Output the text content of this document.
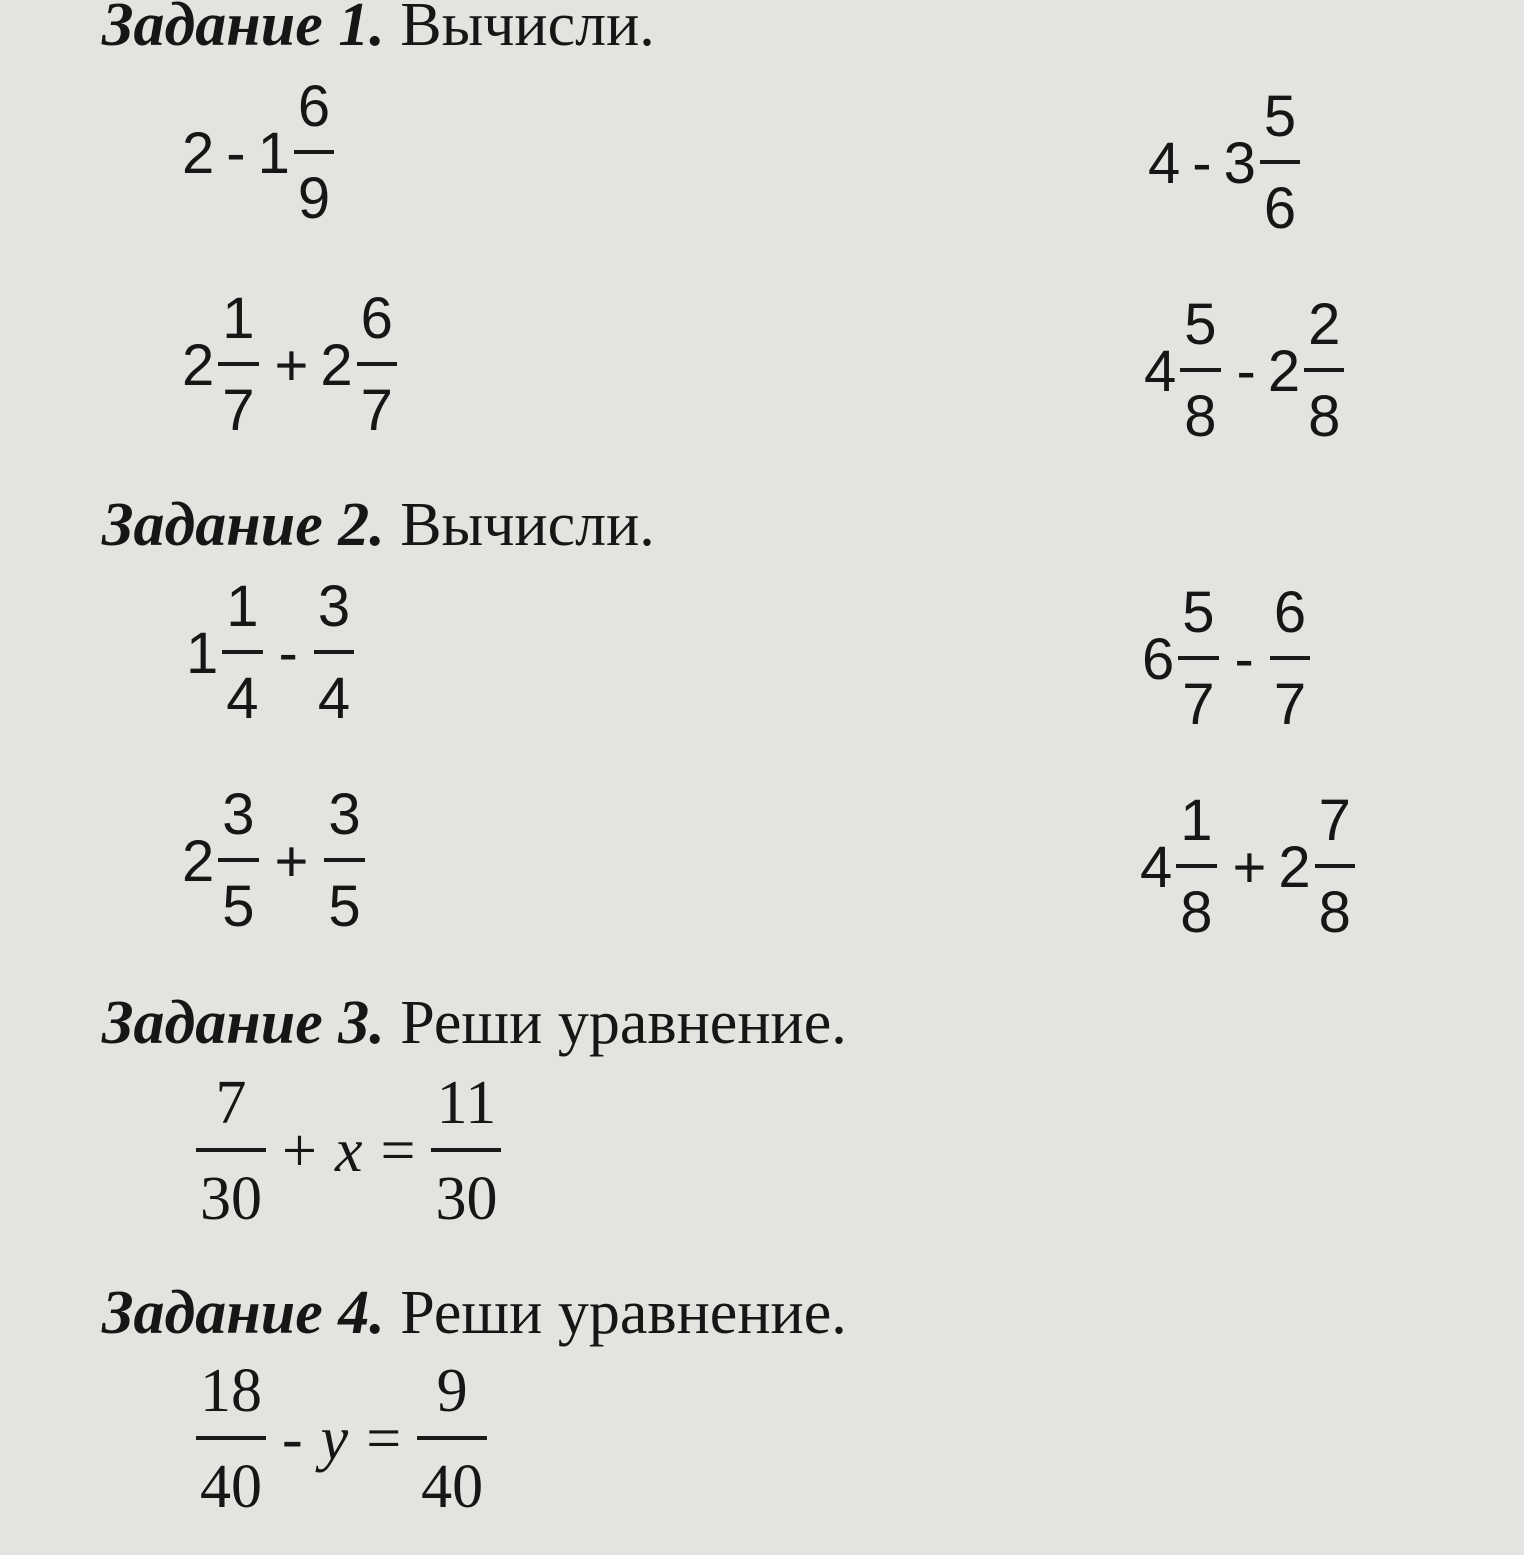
Задание 1. Вычисли.
$2 - 1 \frac{6}{9}$	$4 - 3 \frac{5}{6}$
$2 \frac{1}{7} + 2 \frac{6}{7}$	$4 \frac{5}{8} - 2 \frac{2}{8}$
Задание 2. Вычисли.
$1 \frac{1}{4} - \frac{3}{4}$	$6 \frac{5}{7} - \frac{6}{7}$
$2 \frac{3}{5} + \frac{3}{5}$	$4 \frac{1}{8} + 2 \frac{7}{8}$
Задание 3. Реши уравнение.
$\frac{7}{30} + x = \frac{11}{30}$
Задание 4. Реши уравнение.
$\frac{18}{40} - y = \frac{9}{40}$
